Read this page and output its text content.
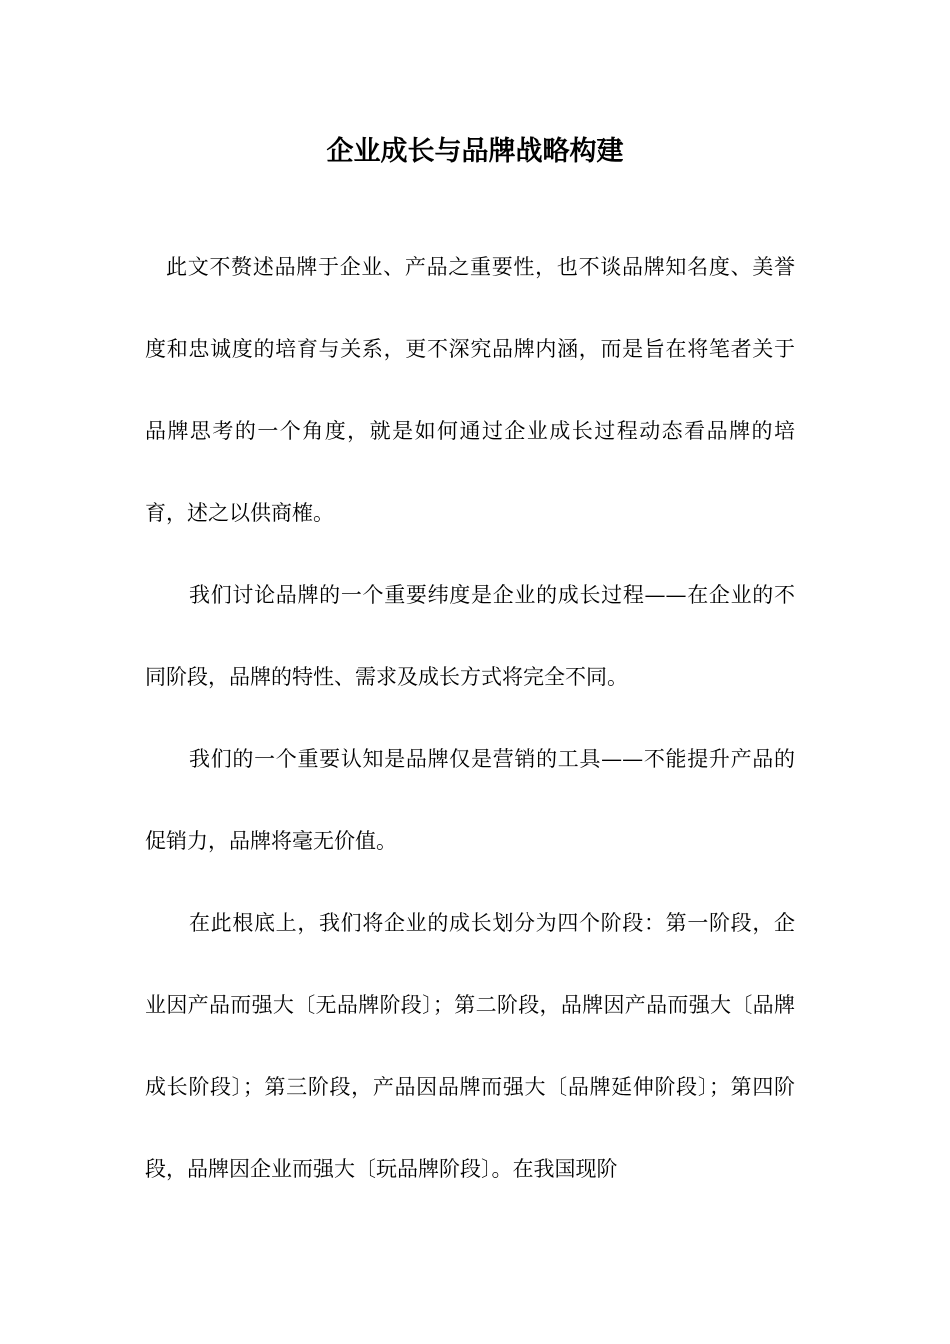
企业成长与品牌战略构建

此文不赘述品牌于企业、产品之重要性，也不谈品牌知名度、美誉度和忠诚度的培育与关系，更不深究品牌内涵，而是旨在将笔者关于品牌思考的一个角度，就是如何通过企业成长过程动态看品牌的培育，述之以供商榷。

我们讨论品牌的一个重要纬度是企业的成长过程——在企业的不同阶段，品牌的特性、需求及成长方式将完全不同。

我们的一个重要认知是品牌仅是营销的工具——不能提升产品的促销力，品牌将毫无价值。

在此根底上，我们将企业的成长划分为四个阶段：第一阶段，企业因产品而强大〔无品牌阶段〕；第二阶段，品牌因产品而强大〔品牌成长阶段〕；第三阶段，产品因品牌而强大〔品牌延伸阶段〕；第四阶段，品牌因企业而强大〔玩品牌阶段〕。在我国现阶
